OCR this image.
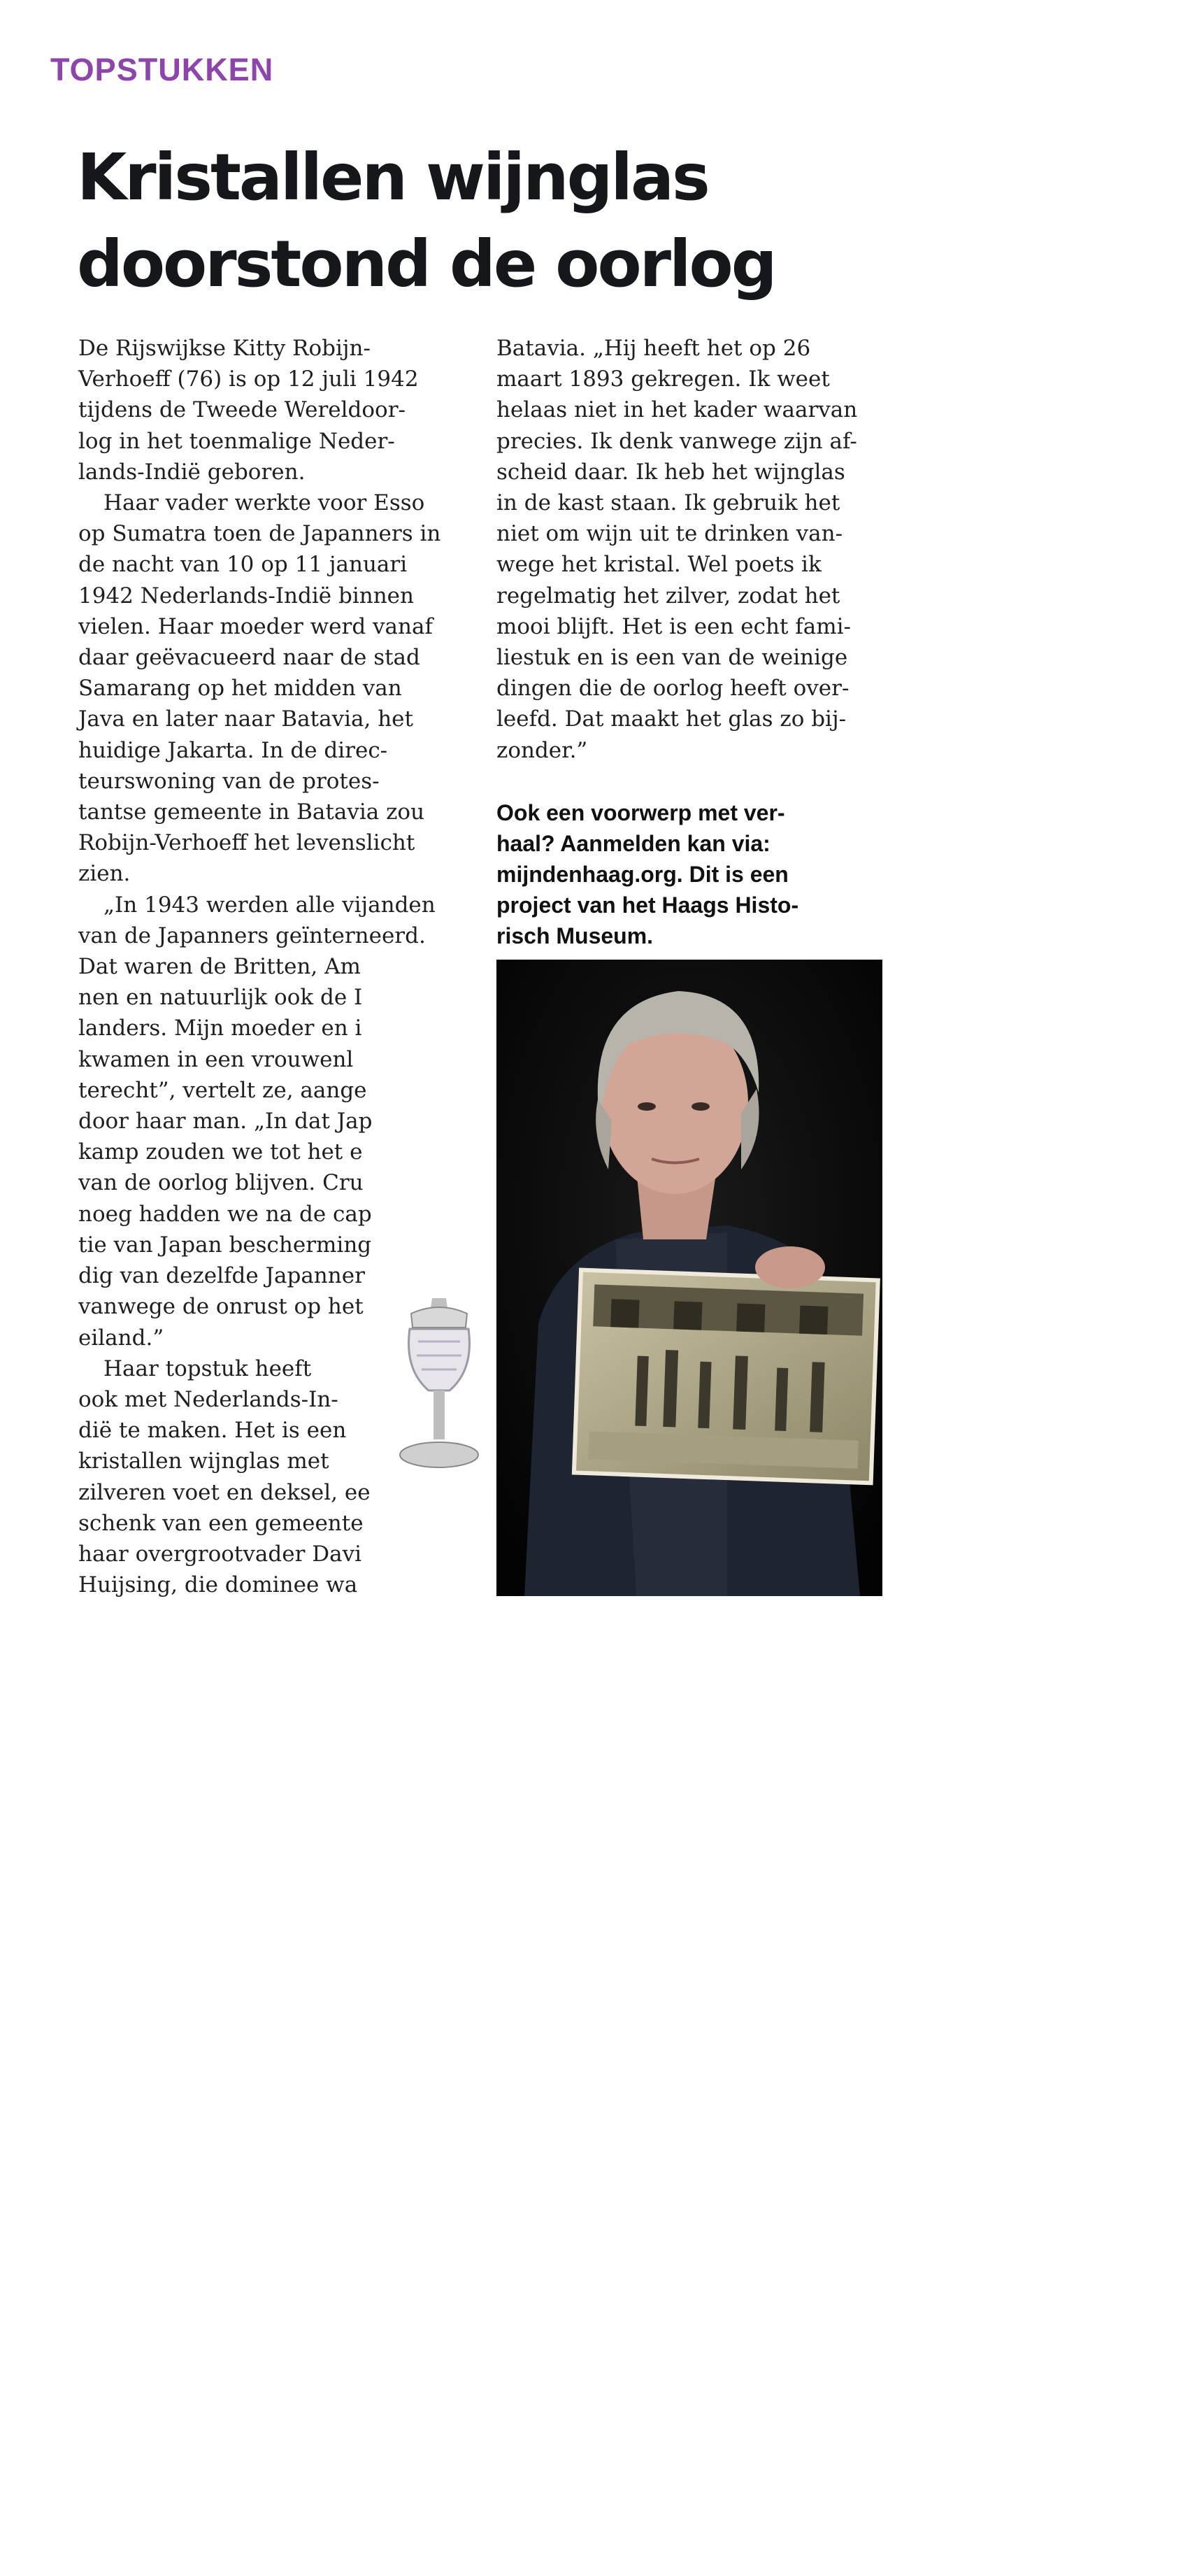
TOPSTUKKEN
Kristallen wijnglas
doorstond de oorlog

De Rijswijkse Kitty Robijn-

Verhoeff (76) is op 12 juli 1942

tijdens de Tweede Wereldoor-

log in het toenmalige Neder-

lands-Indië geboren.

Haar vader werkte voor Esso

op Sumatra toen de Japanners in

de nacht van 10 op 11 januari

1942 Nederlands-Indië binnen

vielen. Haar moeder werd vanaf

daar geëvacueerd naar de stad

Samarang op het midden van

Java en later naar Batavia, het

huidige Jakarta. In de direc-

teurswoning van de protes-

tantse gemeente in Batavia zou

Robijn-Verhoeff het levenslicht

zien.

„In 1943 werden alle vijanden

van de Japanners geïnterneerd.

Dat waren de Britten, Am

nen en natuurlijk ook de I

landers. Mijn moeder en i

kwamen in een vrouwenl

terecht”, vertelt ze, aange

door haar man. „In dat Jap

kamp zouden we tot het e

van de oorlog blijven. Cru

noeg hadden we na de cap

tie van Japan bescherming

dig van dezelfde Japanner

vanwege de onrust op het

eiland.”

Haar topstuk heeft

ook met Nederlands-In-

dië te maken. Het is een

kristallen wijnglas met

zilveren voet en deksel, ee

schenk van een gemeente

haar overgrootvader Davi

Huijsing, die dominee wa

Batavia. „Hij heeft het op 26

maart 1893 gekregen. Ik weet

helaas niet in het kader waarvan

precies. Ik denk vanwege zijn af-

scheid daar. Ik heb het wijnglas

in de kast staan. Ik gebruik het

niet om wijn uit te drinken van-

wege het kristal. Wel poets ik

regelmatig het zilver, zodat het

mooi blijft. Het is een echt fami-

liestuk en is een van de weinige

dingen die de oorlog heeft over-

leefd. Dat maakt het glas zo bij-

zonder.”

Ook een voorwerp met ver-

haal? Aanmelden kan via:

mijndenhaag.org. Dit is een

project van het Haags Histo-

risch Museum.

FOTO MAAIKE VAN GROL
